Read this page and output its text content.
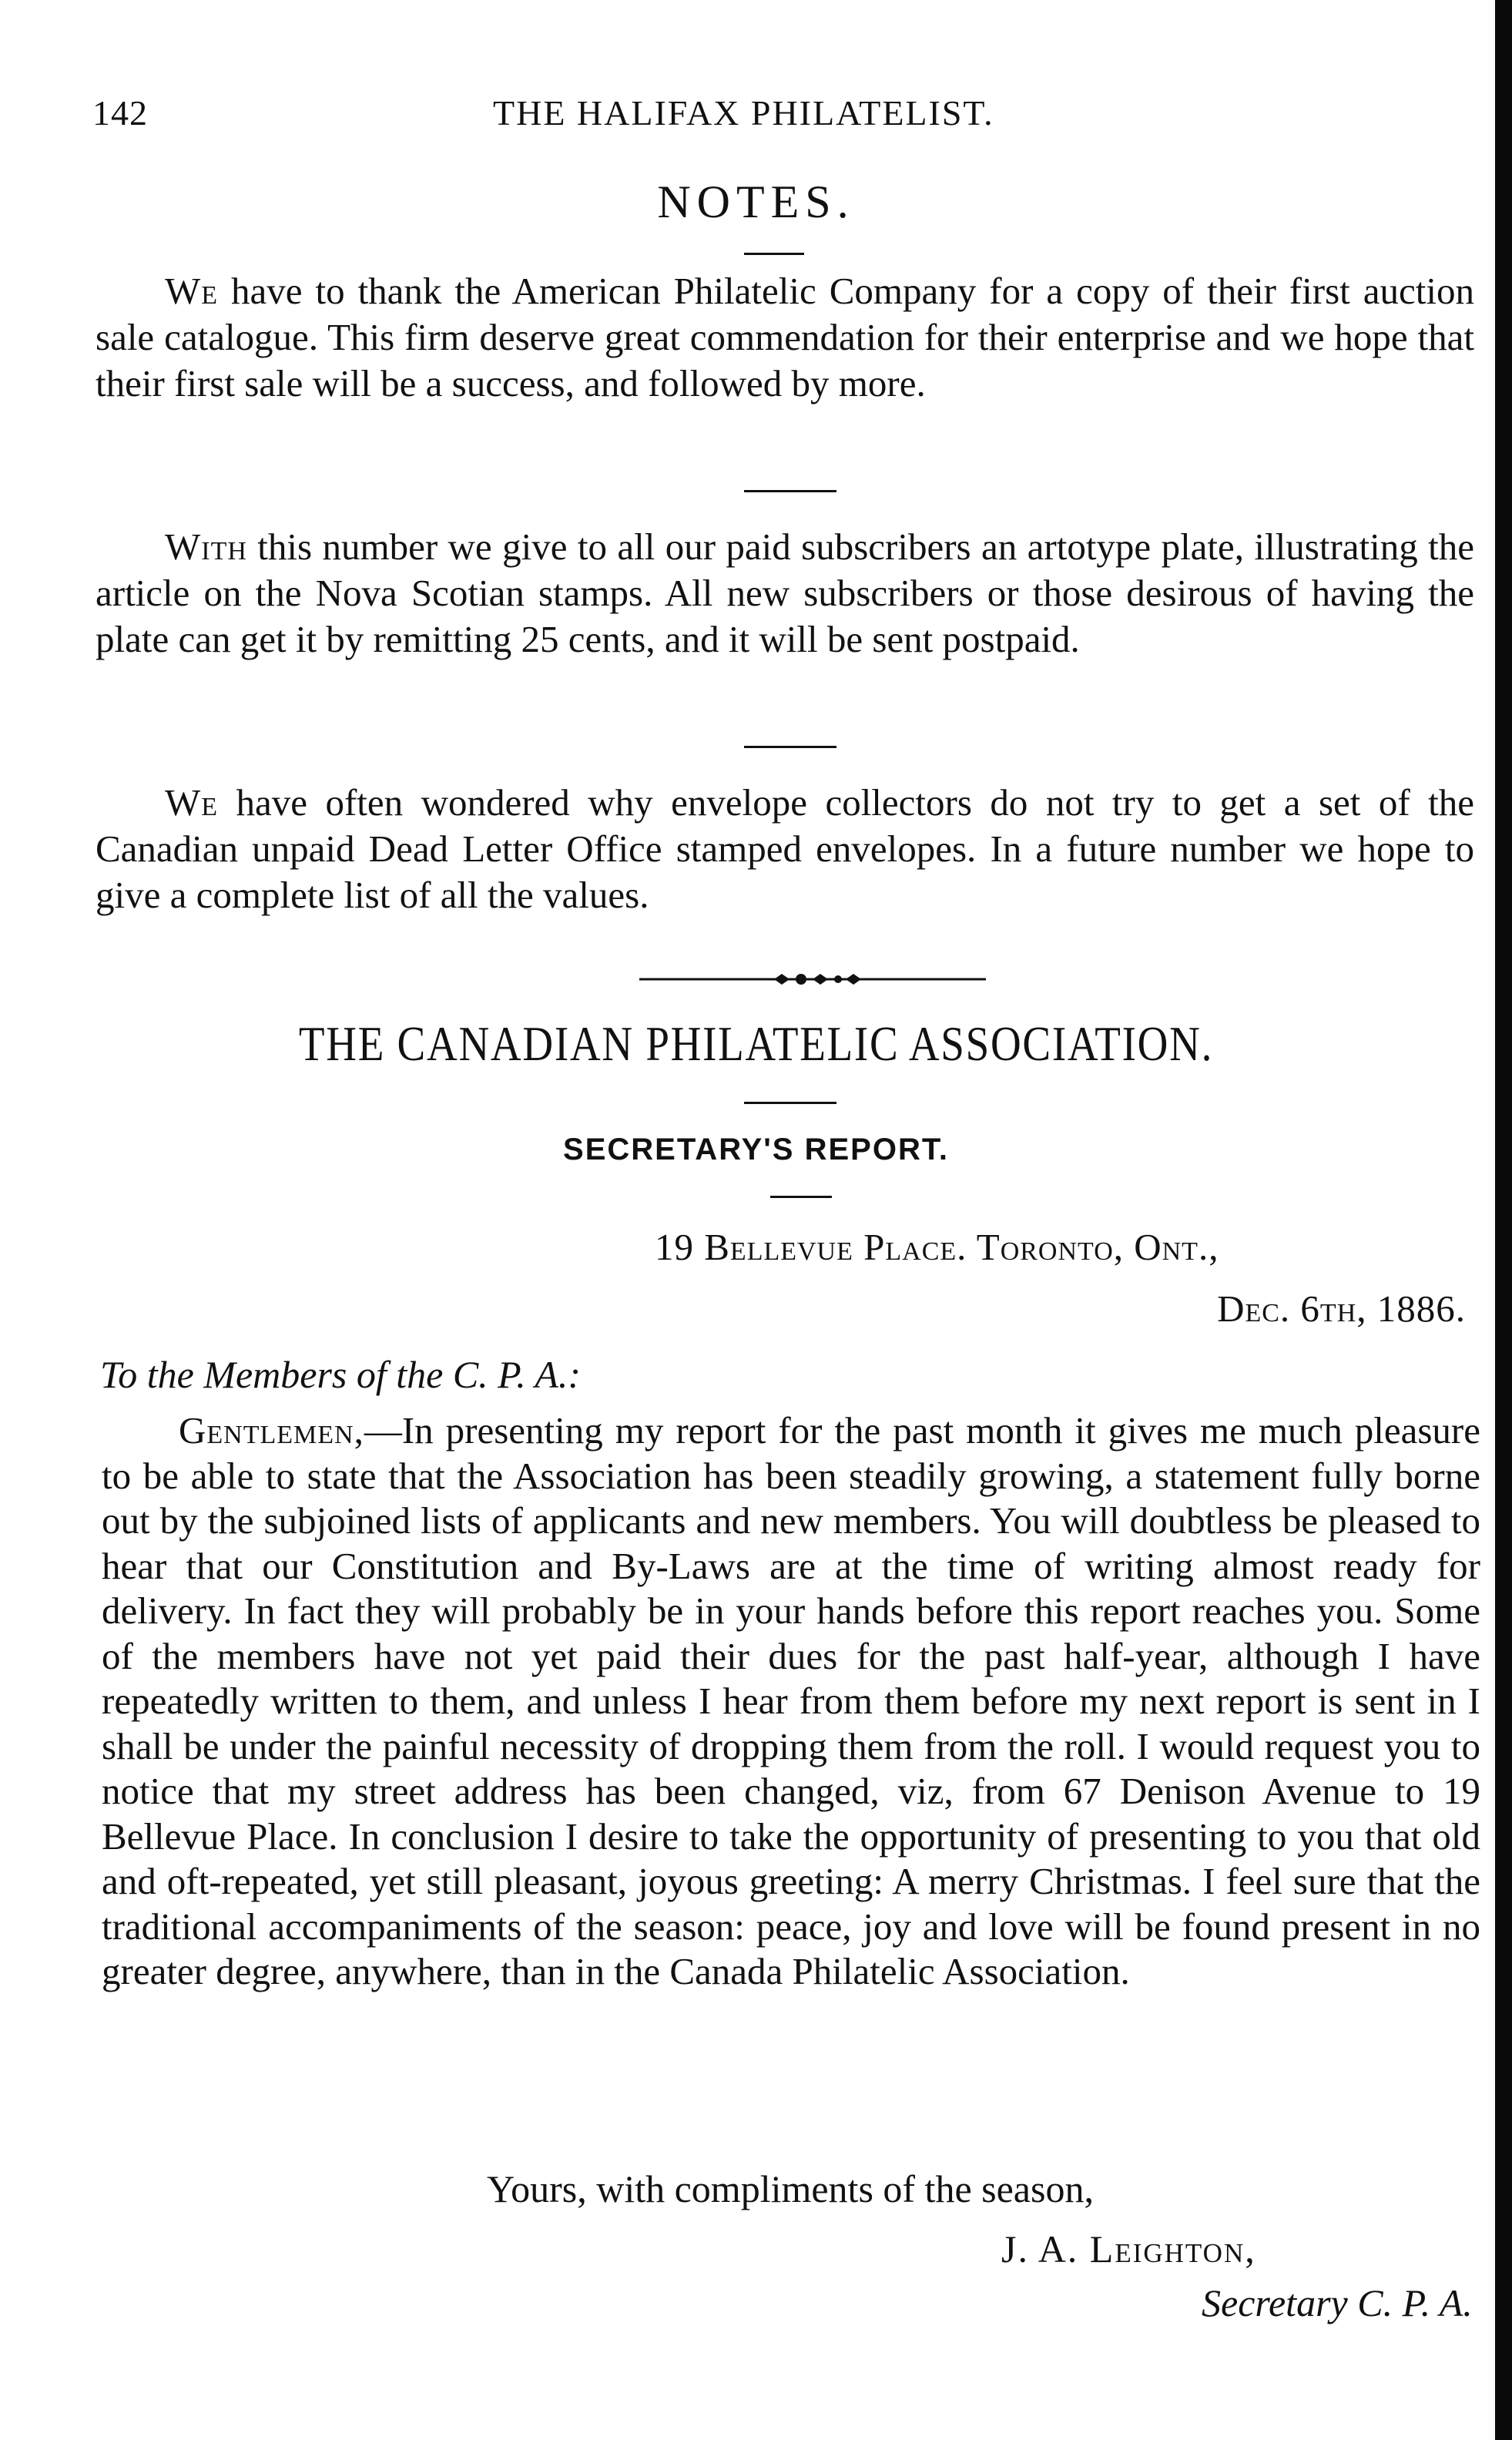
142	THE HALIFAX PHILATELIST.
NOTES.

We have to thank the American Philatelic Company for a copy of their first auction sale catalogue. This firm deserve great commendation for their enterprise and we hope that their first sale will be a success, and followed by more.

With this number we give to all our paid subscribers an artotype plate, illustrating the article on the Nova Scotian stamps. All new subscribers or those desirous of having the plate can get it by remitting 25 cents, and it will be sent postpaid.

We have often wondered why envelope collectors do not try to get a set of the Canadian unpaid Dead Letter Office stamped envelopes. In a future number we hope to give a complete list of all the values.

THE CANADIAN PHILATELIC ASSOCIATION.
SECRETARY'S REPORT.
19 Bellevue Place. Toronto, Ont.,
Dec. 6th, 1886.
To the Members of the C. P. A.:

Gentlemen,—In presenting my report for the past month it gives me much pleasure to be able to state that the Association has been steadily growing, a statement fully borne out by the subjoined lists of applicants and new members. You will doubtless be pleased to hear that our Constitution and By-Laws are at the time of writing almost ready for delivery. In fact they will probably be in your hands before this report reaches you. Some of the members have not yet paid their dues for the past half-year, although I have repeatedly written to them, and unless I hear from them before my next report is sent in I shall be under the painful necessity of dropping them from the roll. I would request you to notice that my street address has been changed, viz, from 67 Denison Avenue to 19 Bellevue Place. In conclusion I desire to take the opportunity of presenting to you that old and oft-repeated, yet still pleasant, joyous greeting: A merry Christmas. I feel sure that the traditional accompaniments of the season: peace, joy and love will be found present in no greater degree, anywhere, than in the Canada Philatelic Association.

Yours, with compliments of the season,
J. A. Leighton,
Secretary C. P. A.
